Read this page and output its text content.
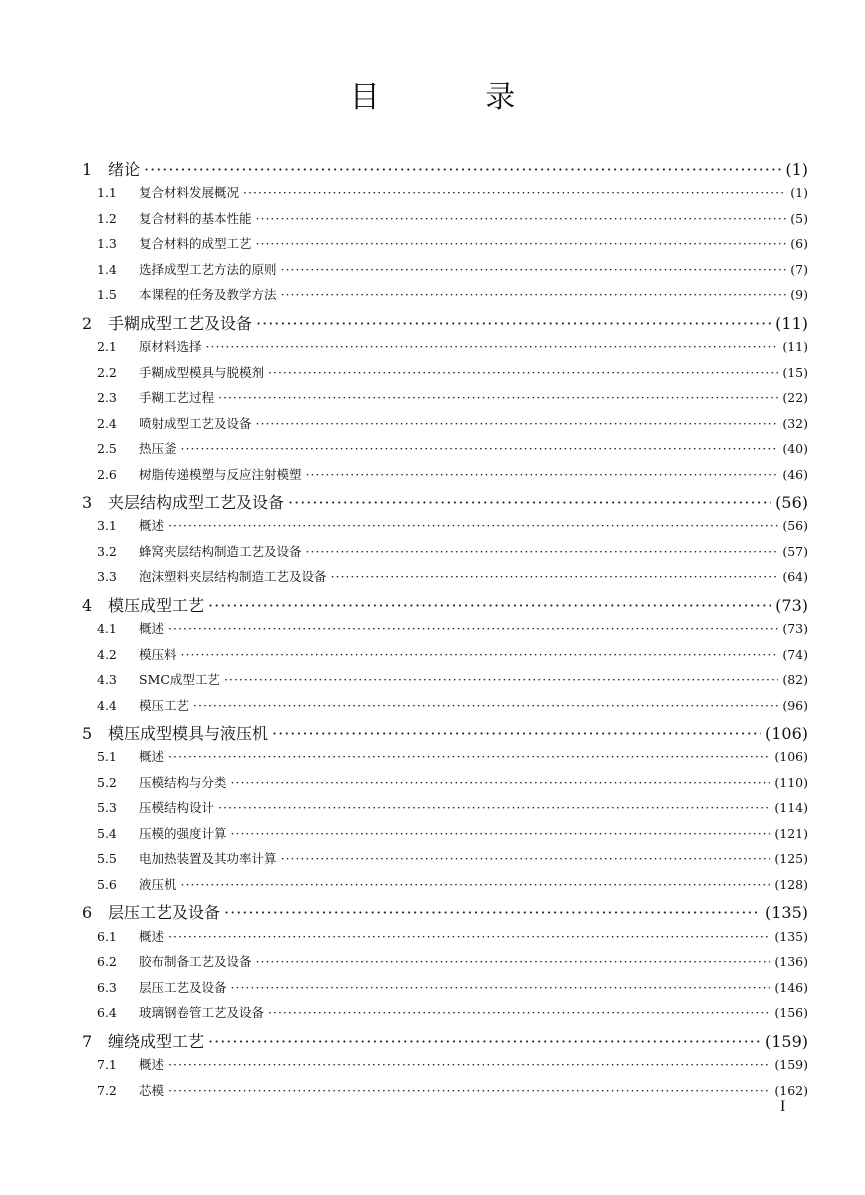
目 录
1 绪论 ·····	(1)
1.1	复合材料发展概况 ·····	(1)
1.2	复合材料的基本性能 ·····	(5)
1.3	复合材料的成型工艺 ·····	(6)
1.4	选择成型工艺方法的原则 ·····	(7)
1.5	本课程的任务及教学方法 ·····	(9)
2 手糊成型工艺及设备 ·····	(11)
2.1	原材料选择 ·····	(11)
2.2	手糊成型模具与脱模剂 ·····	(15)
2.3	手糊工艺过程 ·····	(22)
2.4	喷射成型工艺及设备 ·····	(32)
2.5	热压釜 ·····	(40)
2.6	树脂传递模塑与反应注射模塑 ·····	(46)
3 夹层结构成型工艺及设备 ·····	(56)
3.1	概述 ·····	(56)
3.2	蜂窝夹层结构制造工艺及设备 ·····	(57)
3.3	泡沫塑料夹层结构制造工艺及设备 ·····	(64)
4 模压成型工艺 ·····	(73)
4.1	概述 ·····	(73)
4.2	模压料 ·····	(74)
4.3	SMC成型工艺 ·····	(82)
4.4	模压工艺 ·····	(96)
5 模压成型模具与液压机 ·····	(106)
5.1	概述 ·····	(106)
5.2	压模结构与分类 ·····	(110)
5.3	压模结构设计 ·····	(114)
5.4	压模的强度计算 ·····	(121)
5.5	电加热装置及其功率计算 ·····	(125)
5.6	液压机 ·····	(128)
6 层压工艺及设备 ·····	(135)
6.1	概述 ·····	(135)
6.2	胶布制备工艺及设备 ·····	(136)
6.3	层压工艺及设备 ·····	(146)
6.4	玻璃钢卷管工艺及设备 ·····	(156)
7 缠绕成型工艺 ·····	(159)
7.1	概述 ·····	(159)
7.2	芯模 ·····	(162)
I
